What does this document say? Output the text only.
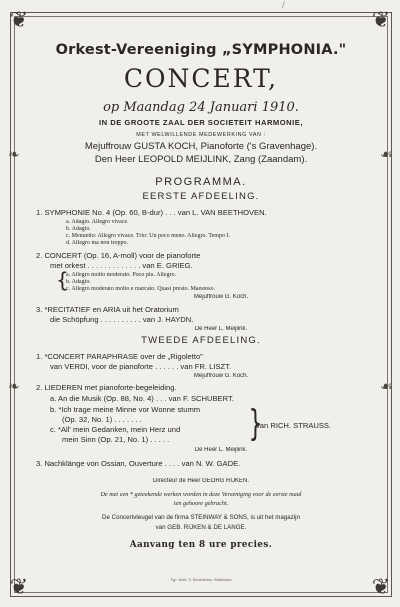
❦	❦
❦	❦
❧
❧
☙
☙
/
Orkest-Vereeniging „SYMPHONIA."
CONCERT,
op Maandag 24 Januari 1910.
IN DE GROOTE ZAAL DER SOCIETEIT HARMONIE,
MET WELWILLENDE MEDEWERKING VAN :
Mejuffrouw GUSTA KOCH, Pianoforte ('s Gravenhage).
Den Heer LEOPOLD MEIJLINK, Zang (Zaandam).
PROGRAMMA.
EERSTE AFDEELING.
1. SYMPHONIE No. 4 (Op. 60, B-dur) . . . van L. VAN BEETHOVEN.
a. Adagio. Allegro vivace.
b. Adagio.
c. Menuetto: Allegro vivace. Trio: Un poco meno. Allegro. Tempo I.
d. Allegro ma non troppo.
2. CONCERT (Op. 16, A-moll) voor de pianoforte
met orkest . . . . . . . . . . . . . van E. GRIEG.
{
a. Allegro molto moderato. Poco piu. Allegro.
b. Adagio.
c. Allegro moderato molto e marcato. Quasi presto. Maestoso.
Mejuffrouw G. Koch.
3. *RECITATIEF en ARIA uit het Oratorium
die Schöpfung . . . . . . . . . . van J. HAYDN.
De Heer L. Meijlink.
TWEEDE AFDEELING.
1. *CONCERT PARAPHRASE over de „Rigoletto"
van VERDI, voor de pianoforte . . . . . . van FR. LISZT.
Mejuffrouw G. Koch.
2. LIEDEREN met pianoforte-begeleiding.
a. An die Musik (Op. 88, No. 4) . . . van F. SCHUBERT.
b. *Ich trage meine Minne vor Wonne stumm
(Op. 32, No. 1) . . . . . . .
c. *All' mein Gedanken, mein Herz und
mein Sinn (Op. 21, No. 1) . . . . .	{
van RICH. STRAUSS.
De Heer L. Meijlink.
3. Nachklänge von Ossian, Ouverture . . . . van N. W. GADE.
Directeur de Heer GEORG RIJKEN.
De met een * geteekende werken worden in deze Vereeniging voor de eerste maal
ten gehoore gebracht.
De Concertvleugel van de firma STEINWAY & SONS, is uit het magazijn
van GEB. RIJKEN & DE LANGE.
Aanvang ten 8 ure precies.
Typ. Wed. S. Benedictus, Rotterdam
